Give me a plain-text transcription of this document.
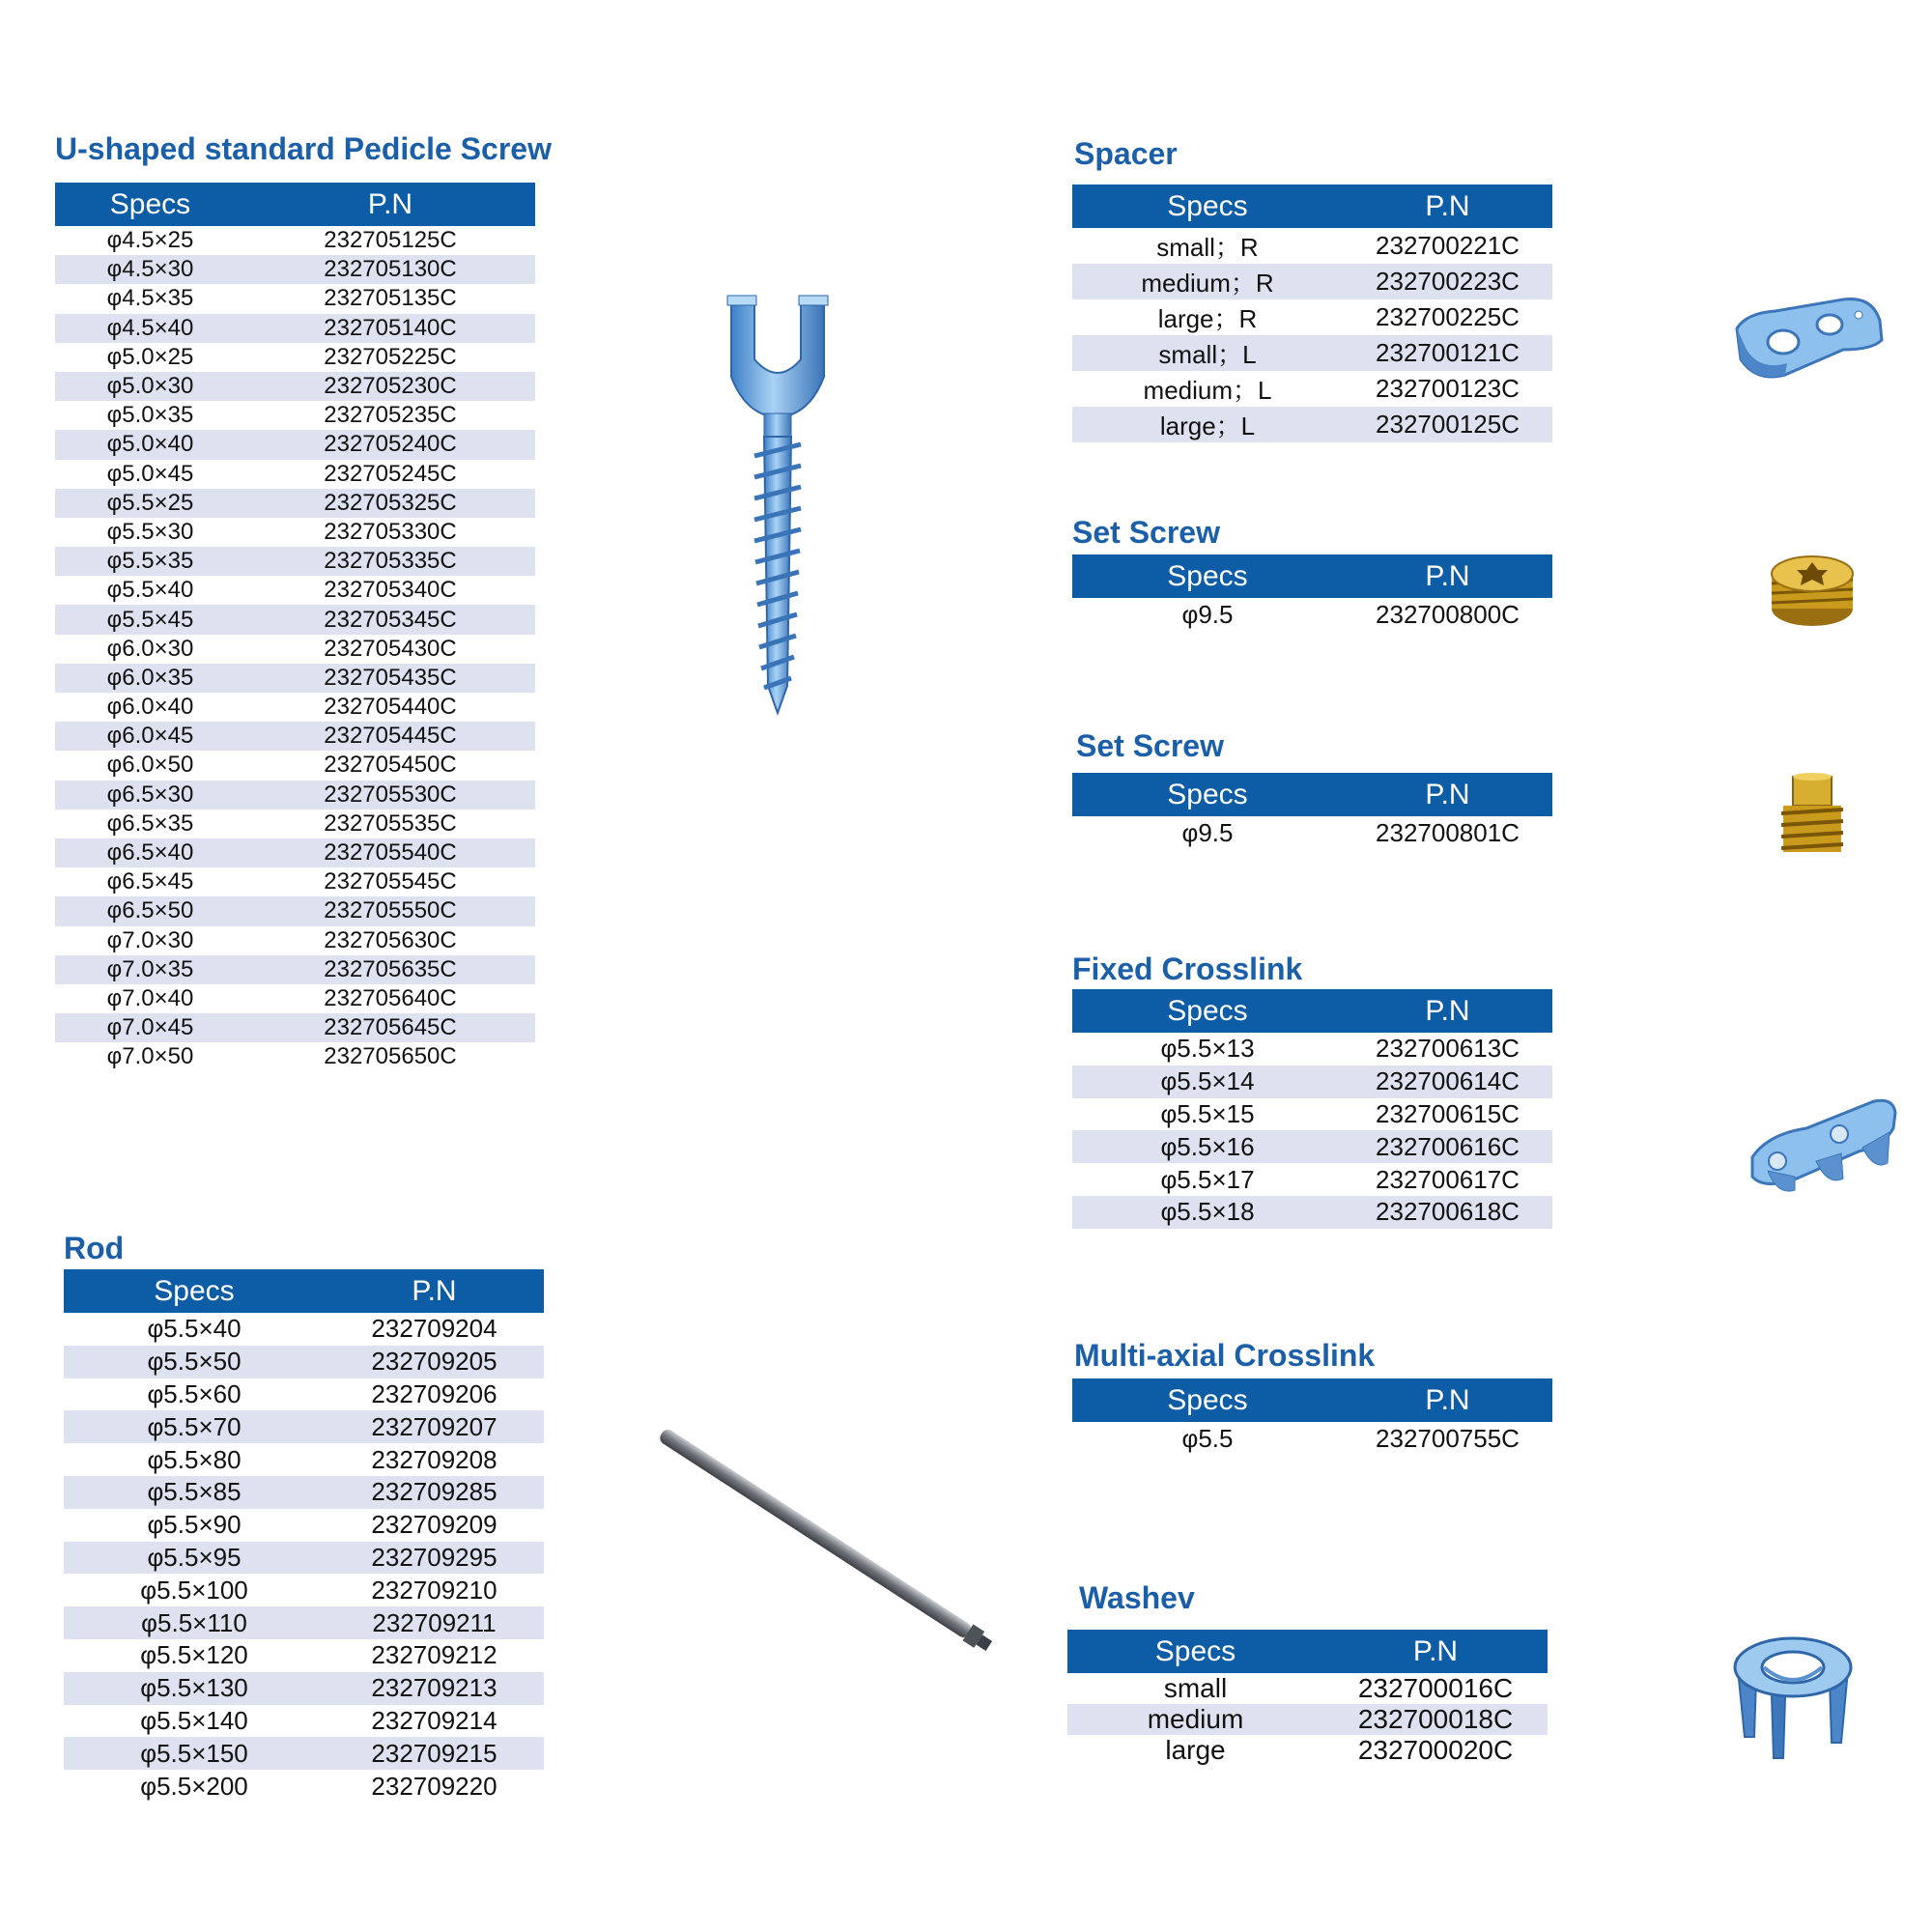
U-shaped standard Pedicle Screw
Specs	P.N
φ4.5×25	232705125C
φ4.5×30	232705130C
φ4.5×35	232705135C
φ4.5×40	232705140C
φ5.0×25	232705225C
φ5.0×30	232705230C
φ5.0×35	232705235C
φ5.0×40	232705240C
φ5.0×45	232705245C
φ5.5×25	232705325C
φ5.5×30	232705330C
φ5.5×35	232705335C
φ5.5×40	232705340C
φ5.5×45	232705345C
φ6.0×30	232705430C
φ6.0×35	232705435C
φ6.0×40	232705440C
φ6.0×45	232705445C
φ6.0×50	232705450C
φ6.5×30	232705530C
φ6.5×35	232705535C
φ6.5×40	232705540C
φ6.5×45	232705545C
φ6.5×50	232705550C
φ7.0×30	232705630C
φ7.0×35	232705635C
φ7.0×40	232705640C
φ7.0×45	232705645C
φ7.0×50	232705650C
Rod
Specs	P.N
φ5.5×40	232709204
φ5.5×50	232709205
φ5.5×60	232709206
φ5.5×70	232709207
φ5.5×80	232709208
φ5.5×85	232709285
φ5.5×90	232709209
φ5.5×95	232709295
φ5.5×100	232709210
φ5.5×110	232709211
φ5.5×120	232709212
φ5.5×130	232709213
φ5.5×140	232709214
φ5.5×150	232709215
φ5.5×200	232709220
Spacer
Specs	P.N
small；R	232700221C
medium；R	232700223C
large；R	232700225C
small；L	232700121C
medium；L	232700123C
large；L	232700125C
Set Screw
Specs	P.N
φ9.5	232700800C
Set Screw
Specs	P.N
φ9.5	232700801C
Fixed Crosslink
Specs	P.N
φ5.5×13	232700613C
φ5.5×14	232700614C
φ5.5×15	232700615C
φ5.5×16	232700616C
φ5.5×17	232700617C
φ5.5×18	232700618C
Multi-axial Crosslink
Specs	P.N
φ5.5	232700755C
Washev
Specs	P.N
small	232700016C
medium	232700018C
large	232700020C
